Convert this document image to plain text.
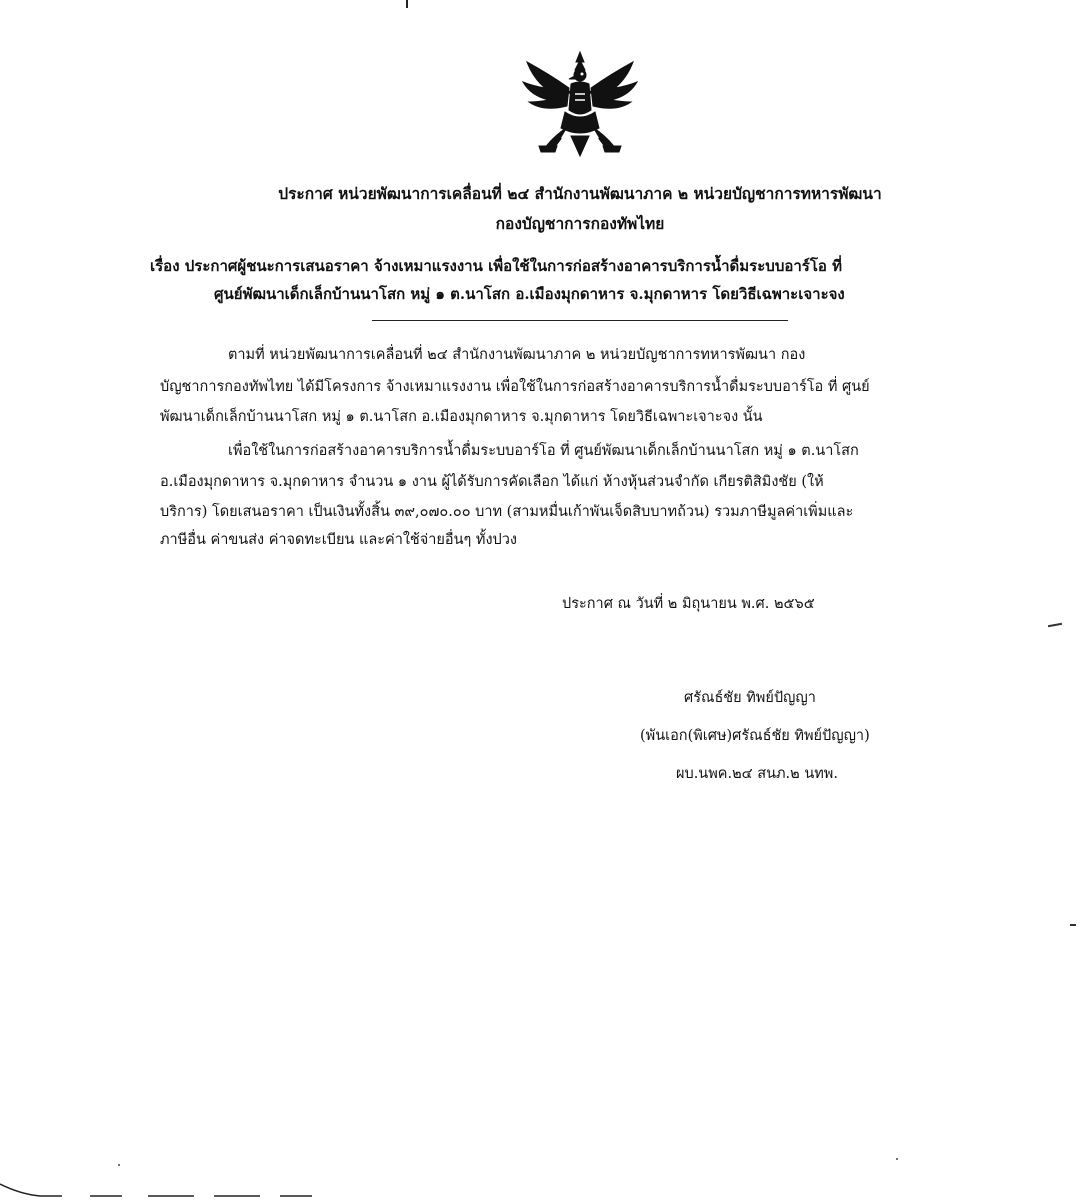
ประกาศ หน่วยพัฒนาการเคลื่อนที่ ๒๔ สำนักงานพัฒนาภาค ๒ หน่วยบัญชาการทหารพัฒนา
กองบัญชาการกองทัพไทย
เรื่อง ประกาศผู้ชนะการเสนอราคา จ้างเหมาแรงงาน เพื่อใช้ในการก่อสร้างอาคารบริการน้ำดื่มระบบอาร์โอ ที่
ศูนย์พัฒนาเด็กเล็กบ้านนาโสก หมู่ ๑ ต.นาโสก อ.เมืองมุกดาหาร จ.มุกดาหาร โดยวิธีเฉพาะเจาะจง
ตามที่ หน่วยพัฒนาการเคลื่อนที่ ๒๔ สำนักงานพัฒนาภาค ๒ หน่วยบัญชาการทหารพัฒนา กอง
บัญชาการกองทัพไทย ได้มีโครงการ จ้างเหมาแรงงาน เพื่อใช้ในการก่อสร้างอาคารบริการน้ำดื่มระบบอาร์โอ ที่ ศูนย์
พัฒนาเด็กเล็กบ้านนาโสก หมู่ ๑ ต.นาโสก อ.เมืองมุกดาหาร จ.มุกดาหาร โดยวิธีเฉพาะเจาะจง นั้น
เพื่อใช้ในการก่อสร้างอาคารบริการน้ำดื่มระบบอาร์โอ ที่ ศูนย์พัฒนาเด็กเล็กบ้านนาโสก หมู่ ๑ ต.นาโสก
อ.เมืองมุกดาหาร จ.มุกดาหาร จำนวน ๑ งาน ผู้ได้รับการคัดเลือก ได้แก่ ห้างหุ้นส่วนจำกัด เกียรติสิมิงชัย (ให้
บริการ) โดยเสนอราคา เป็นเงินทั้งสิ้น ๓๙,๐๗๐.๐๐ บาท (สามหมื่นเก้าพันเจ็ดสิบบาทถ้วน) รวมภาษีมูลค่าเพิ่มและ
ภาษีอื่น ค่าขนส่ง ค่าจดทะเบียน และค่าใช้จ่ายอื่นๆ ทั้งปวง
ประกาศ ณ วันที่ ๒ มิถุนายน พ.ศ. ๒๕๖๕
ศรัณธ์ชัย ทิพย์ปัญญา
(พันเอก(พิเศษ)ศรัณธ์ชัย ทิพย์ปัญญา)
ผบ.นพค.๒๔ สนภ.๒ นทพ.
